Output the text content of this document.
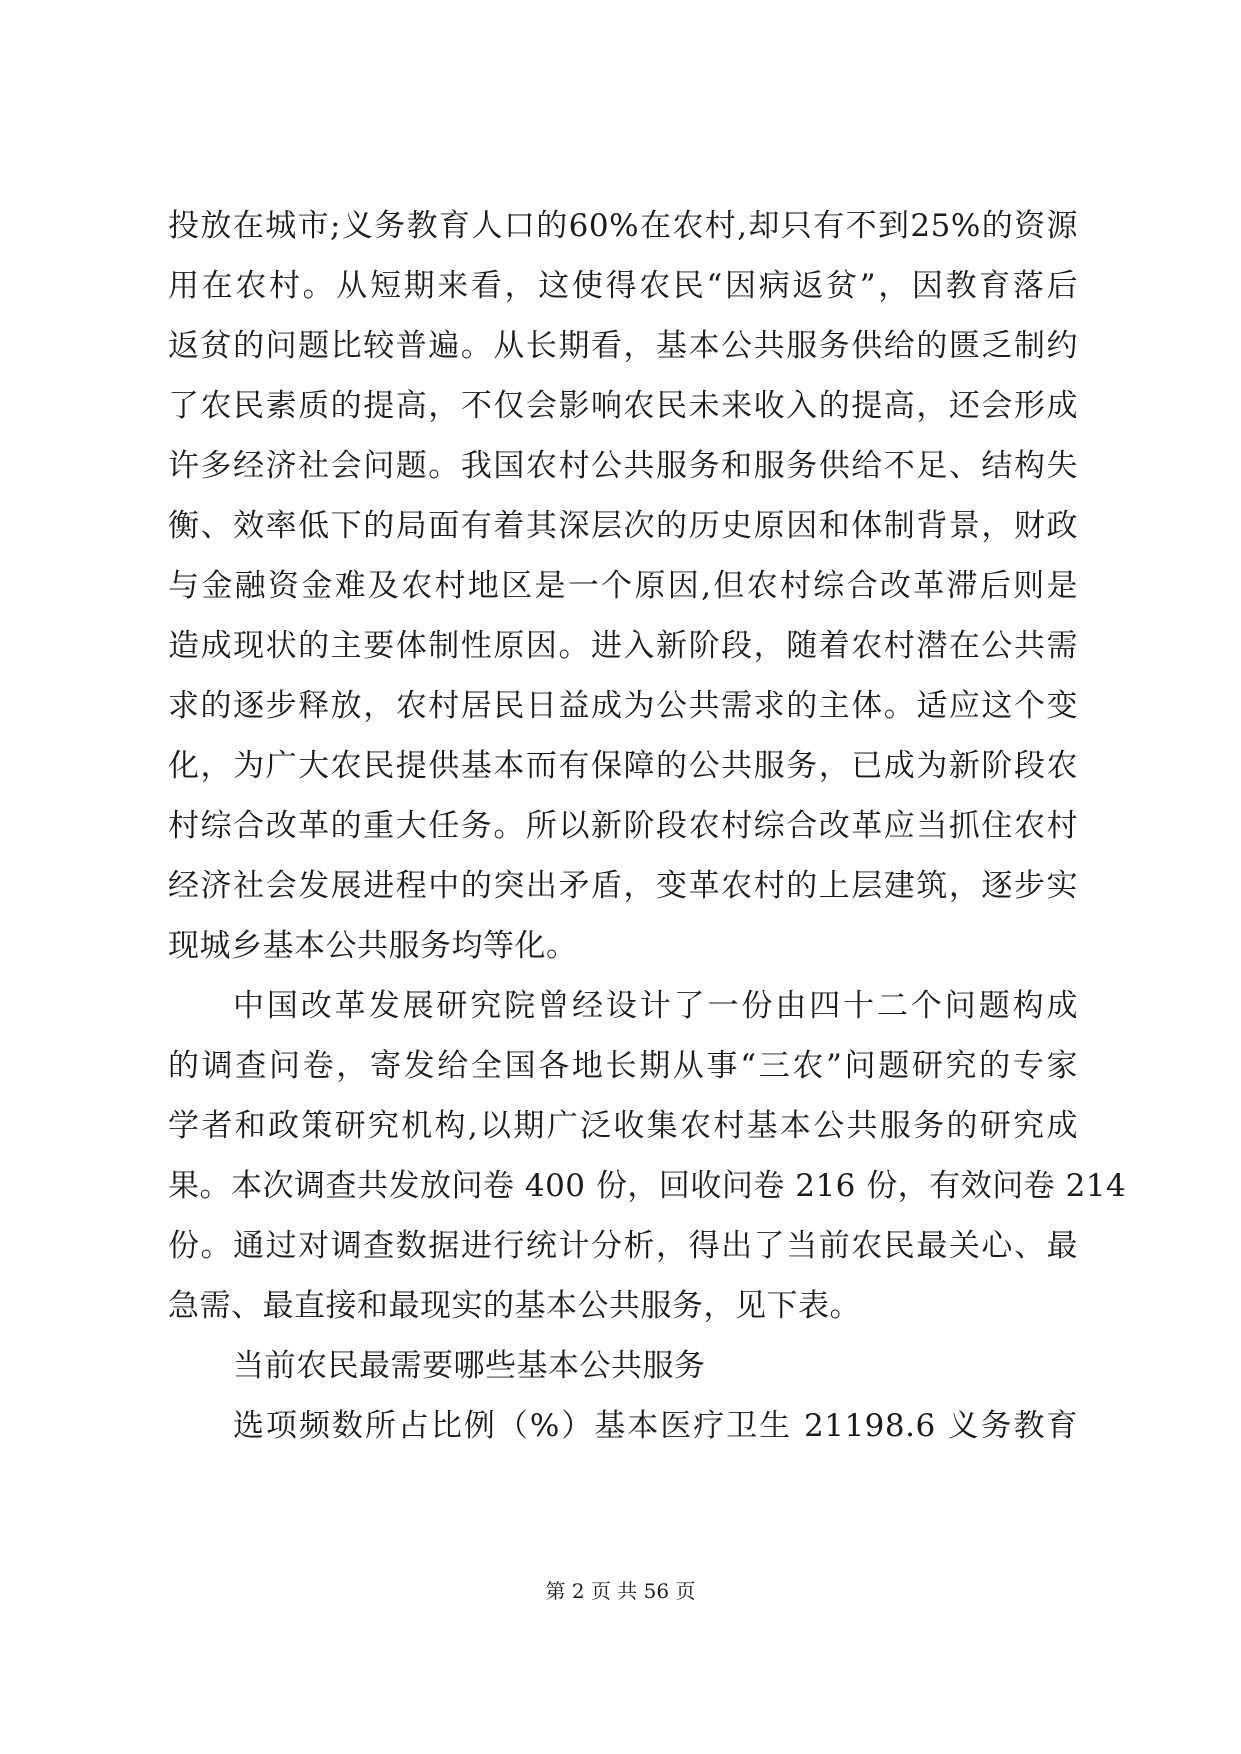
投放在城市;义务教育人口的60%在农村,却只有不到25%的资源
用在农村。从短期来看，这使得农民“因病返贫”，因教育落后
返贫的问题比较普遍。从长期看，基本公共服务供给的匮乏制约
了农民素质的提高，不仅会影响农民未来收入的提高，还会形成
许多经济社会问题。我国农村公共服务和服务供给不足、结构失
衡、效率低下的局面有着其深层次的历史原因和体制背景，财政
与金融资金难及农村地区是一个原因,但农村综合改革滞后则是
造成现状的主要体制性原因。进入新阶段，随着农村潜在公共需
求的逐步释放，农村居民日益成为公共需求的主体。适应这个变
化，为广大农民提供基本而有保障的公共服务，已成为新阶段农
村综合改革的重大任务。所以新阶段农村综合改革应当抓住农村
经济社会发展进程中的突出矛盾，变革农村的上层建筑，逐步实
现城乡基本公共服务均等化。
中国改革发展研究院曾经设计了一份由四十二个问题构成
的调查问卷，寄发给全国各地长期从事“三农”问题研究的专家
学者和政策研究机构,以期广泛收集农村基本公共服务的研究成
果。本次调查共发放问卷 400 份，回收问卷 216 份，有效问卷 214
份。通过对调查数据进行统计分析，得出了当前农民最关心、最
急需、最直接和最现实的基本公共服务，见下表。
当前农民最需要哪些基本公共服务
选项频数所占比例（%）基本医疗卫生 21198.6 义务教育
第 2 页 共 56 页
